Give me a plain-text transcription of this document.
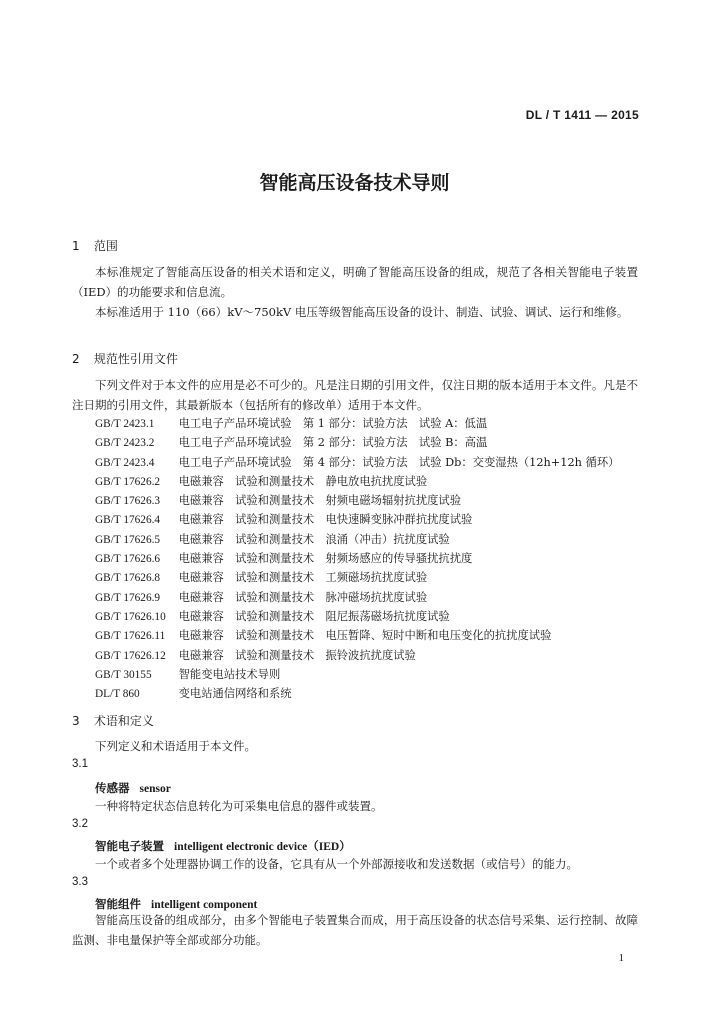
DL / T 1411 — 2015
智能高压设备技术导则
1 范围

本标准规定了智能高压设备的相关术语和定义，明确了智能高压设备的组成，规范了各相关智能电子装置（IED）的功能要求和信息流。

本标准适用于 110（66）kV～750kV 电压等级智能高压设备的设计、制造、试验、调试、运行和维修。

2 规范性引用文件

下列文件对于本文件的应用是必不可少的。凡是注日期的引用文件，仅注日期的版本适用于本文件。凡是不注日期的引用文件，其最新版本（包括所有的修改单）适用于本文件。

GB/T 2423.1 电工电子产品环境试验　第 1 部分：试验方法　试验 A：低温
GB/T 2423.2 电工电子产品环境试验　第 2 部分：试验方法　试验 B：高温
GB/T 2423.4 电工电子产品环境试验　第 4 部分：试验方法　试验 Db：交变湿热（12h+12h 循环）
GB/T 17626.2 电磁兼容　试验和测量技术　静电放电抗扰度试验
GB/T 17626.3 电磁兼容　试验和测量技术　射频电磁场辐射抗扰度试验
GB/T 17626.4 电磁兼容　试验和测量技术　电快速瞬变脉冲群抗扰度试验
GB/T 17626.5 电磁兼容　试验和测量技术　浪涌（冲击）抗扰度试验
GB/T 17626.6 电磁兼容　试验和测量技术　射频场感应的传导骚扰抗扰度
GB/T 17626.8 电磁兼容　试验和测量技术　工频磁场抗扰度试验
GB/T 17626.9 电磁兼容　试验和测量技术　脉冲磁场抗扰度试验
GB/T 17626.10 电磁兼容　试验和测量技术　阻尼振荡磁场抗扰度试验
GB/T 17626.11 电磁兼容　试验和测量技术　电压暂降、短时中断和电压变化的抗扰度试验
GB/T 17626.12 电磁兼容　试验和测量技术　振铃波抗扰度试验
GB/T 30155 智能变电站技术导则
DL/T 860	变电站通信网络和系统
3 术语和定义

下列定义和术语适用于本文件。

3.1
传感器 sensor

一种将特定状态信息转化为可采集电信息的器件或装置。

3.2
智能电子装置 intelligent electronic device（IED）

一个或者多个处理器协调工作的设备，它具有从一个外部源接收和发送数据（或信号）的能力。

3.3
智能组件 intelligent component

智能高压设备的组成部分，由多个智能电子装置集合而成，用于高压设备的状态信号采集、运行控制、故障监测、非电量保护等全部或部分功能。

1
